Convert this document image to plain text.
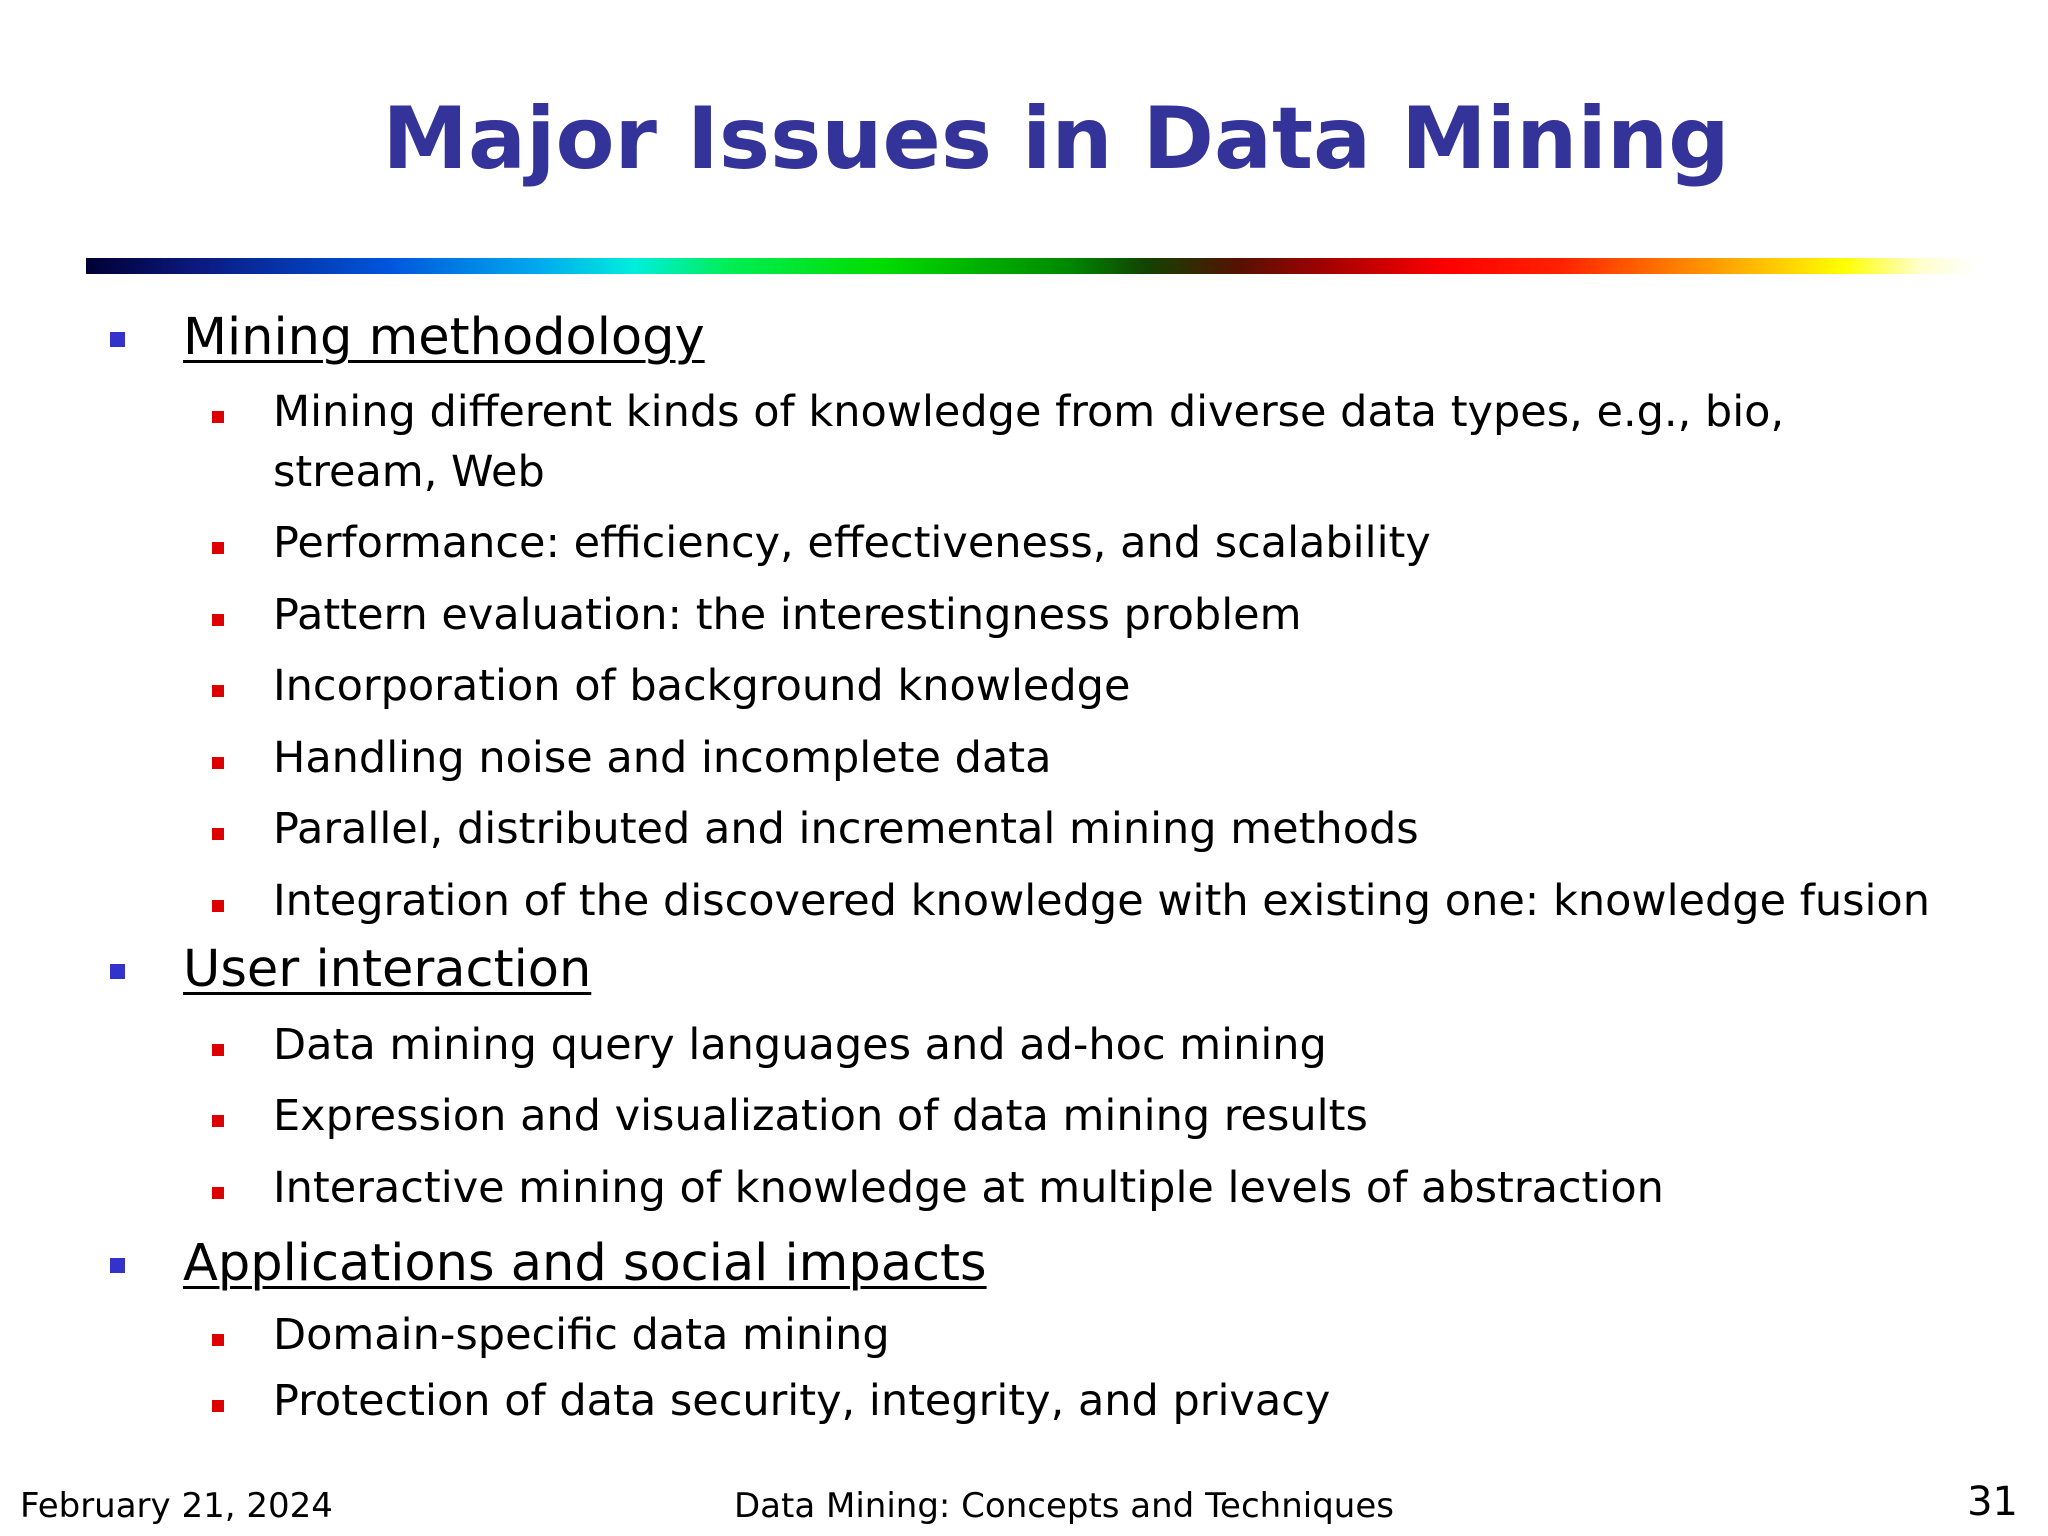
Major Issues in Data Mining
Mining methodology
Mining different kinds of knowledge from diverse data types, e.g., bio, stream, Web
Performance: efficiency, effectiveness, and scalability
Pattern evaluation: the interestingness problem
Incorporation of background knowledge
Handling noise and incomplete data
Parallel, distributed and incremental mining methods
Integration of the discovered knowledge with existing one: knowledge fusion
User interaction
Data mining query languages and ad-hoc mining
Expression and visualization of data mining results
Interactive mining of knowledge at multiple levels of abstraction
Applications and social impacts
Domain-specific data mining
Protection of data security, integrity, and privacy
February 21, 2024	Data Mining: Concepts and Techniques	31
